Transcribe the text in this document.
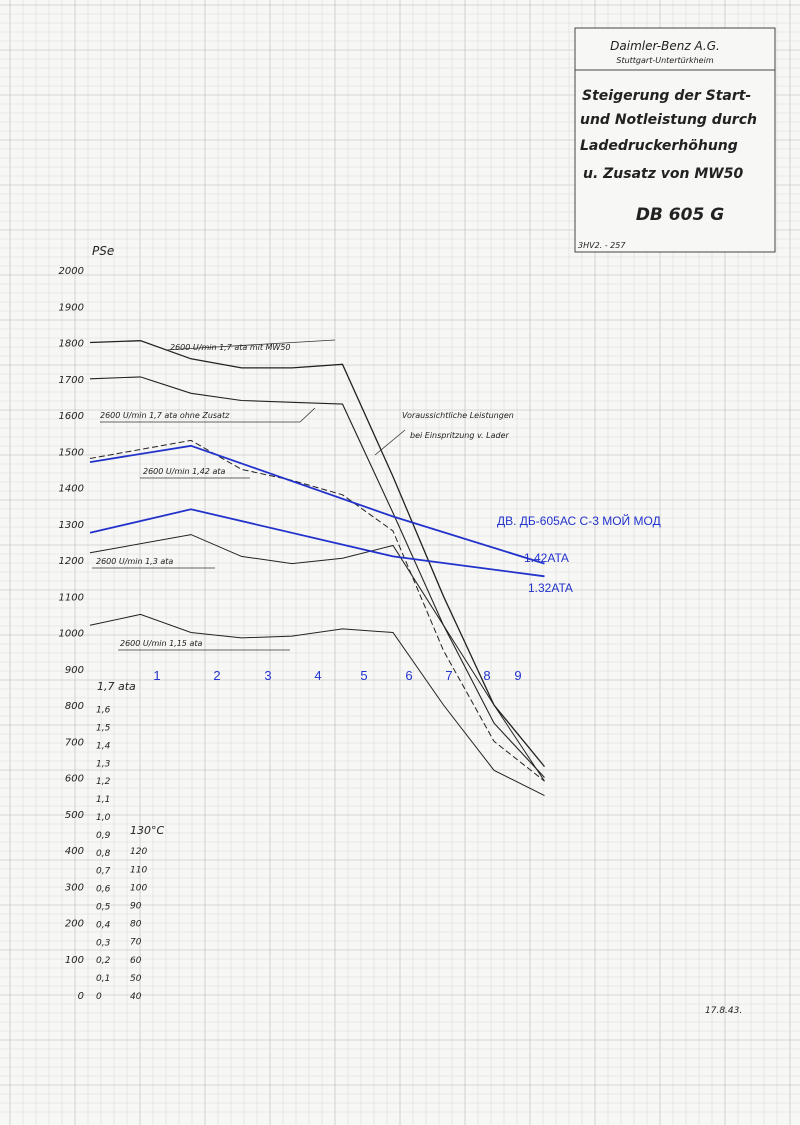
Daimler-Benz A.G.
Stuttgart-Untertürkheim
Steigerung der Start-
und Notleistung durch
Ladedruckerhöhung
u. Zusatz von MW50
DB 605 G
3HV2. - 257
PSe
0
100
200
300
400
500
600
700
800
900
1000
1100
1200
1300
1400
1500
1600
1700
1800
1900
2000
0
0,1
0,2
0,3
0,4
0,5
0,6
0,7
0,8
0,9
1,0
1,1
1,2
1,3
1,4
1,5
1,6
40
50
60
70
80
90
100
110
120
1,7 ata
130°C
2600 U/min 1,7 ata mit MW50
2600 U/min 1,7 ata ohne Zusatz
2600 U/min 1,42 ata
2600 U/min 1,3 ata
2600 U/min 1,15 ata
Voraussichtliche Leistungen
bei Einspritzung v. Lader
1	2	3	4	5	6	7 8 9
ДВ. ДБ-605АС С-3 МОЙ МОД
1.42ATA
1.32ATA
17.8.43.
